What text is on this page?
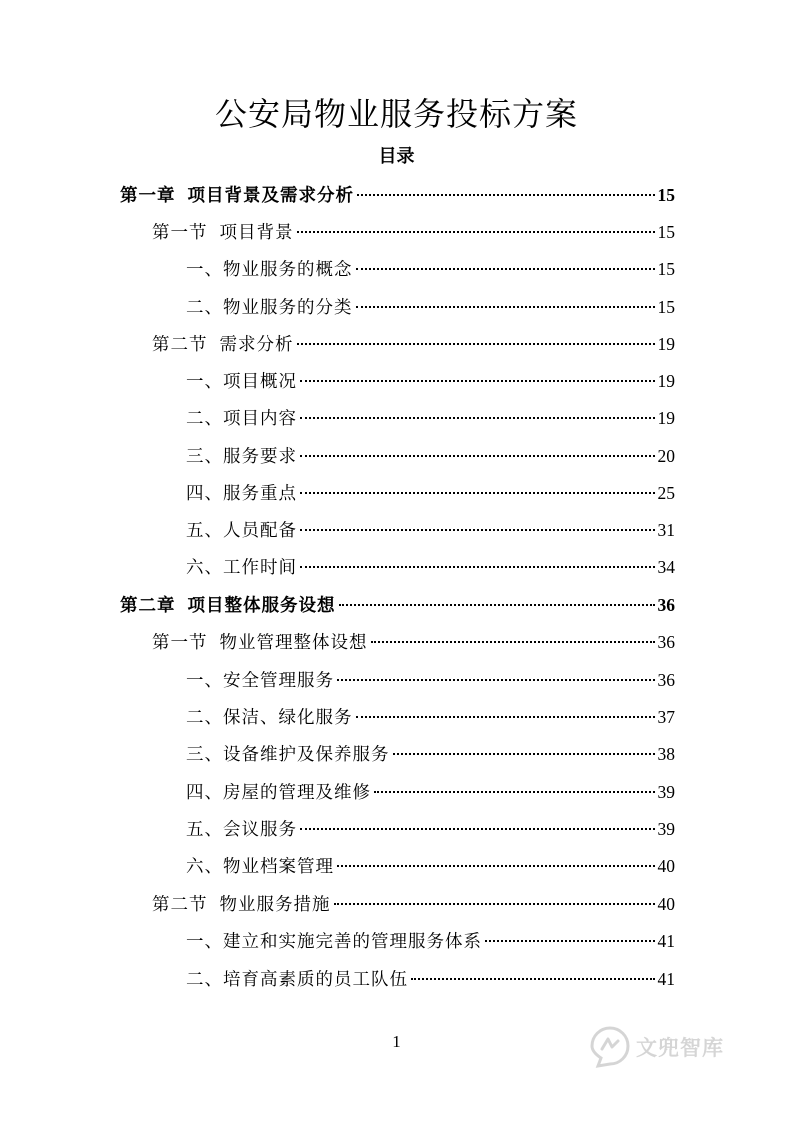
公安局物业服务投标方案
目录
第一章 项目背景及需求分析	15
第一节 项目背景	15
一、 物业服务的概念	15
二、 物业服务的分类	15
第二节 需求分析	19
一、 项目概况	19
二、 项目内容	19
三、 服务要求	20
四、 服务重点	25
五、 人员配备	31
六、 工作时间	34
第二章 项目整体服务设想	36
第一节 物业管理整体设想	36
一、 安全管理服务	36
二、 保洁、绿化服务	37
三、 设备维护及保养服务	38
四、 房屋的管理及维修	39
五、 会议服务	39
六、 物业档案管理	40
第二节 物业服务措施	40
一、 建立和实施完善的管理服务体系	41
二、 培育高素质的员工队伍	41
1	文兜智库
